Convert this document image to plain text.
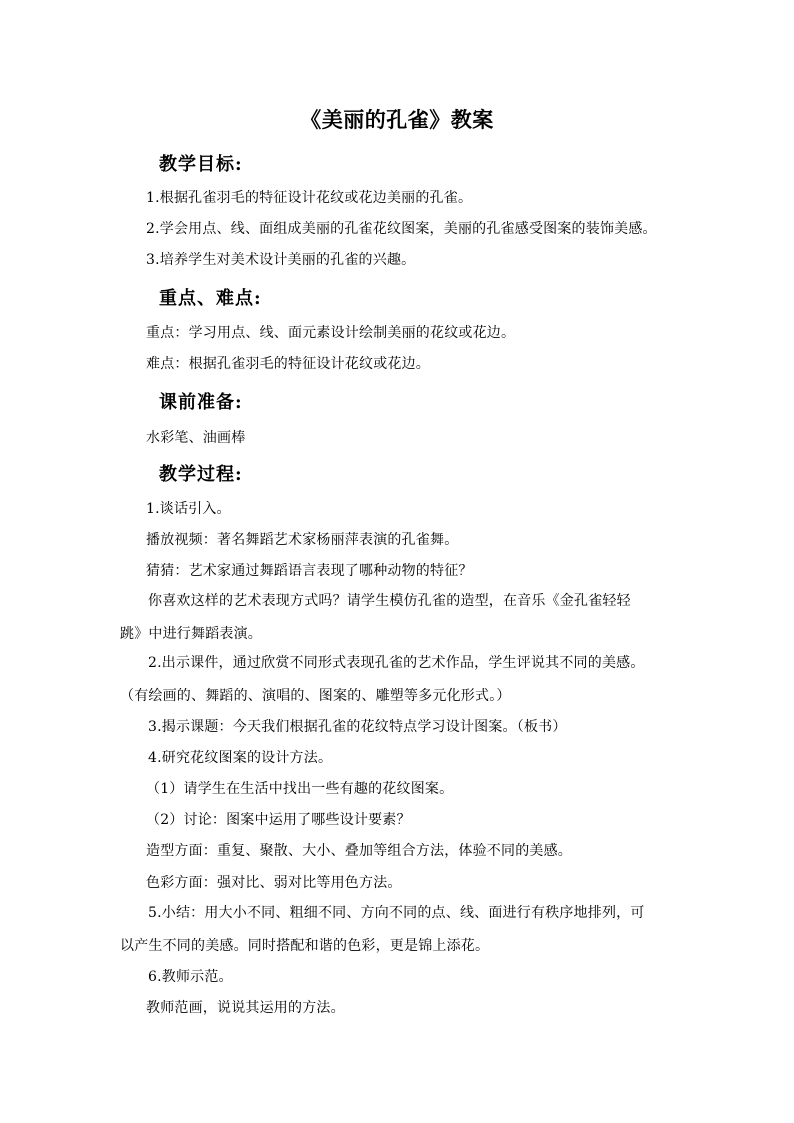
《美丽的孔雀》教案
教学目标:
1.根据孔雀羽毛的特征设计花纹或花边美丽的孔雀。
2.学会用点、线、面组成美丽的孔雀花纹图案，美丽的孔雀感受图案的装饰美感。
3.培养学生对美术设计美丽的孔雀的兴趣。
重点、难点:
重点：学习用点、线、面元素设计绘制美丽的花纹或花边。
难点：根据孔雀羽毛的特征设计花纹或花边。
课前准备:
水彩笔、油画棒
教学过程:
1.谈话引入。
播放视频：著名舞蹈艺术家杨丽萍表演的孔雀舞。
猜猜：艺术家通过舞蹈语言表现了哪种动物的特征？
你喜欢这样的艺术表现方式吗？请学生模仿孔雀的造型，在音乐《金孔雀轻轻跳》中进行舞蹈表演。
2.出示课件，通过欣赏不同形式表现孔雀的艺术作品，学生评说其不同的美感。（有绘画的、舞蹈的、演唱的、图案的、雕塑等多元化形式。）
3.揭示课题：今天我们根据孔雀的花纹特点学习设计图案。（板书）
4.研究花纹图案的设计方法。
（1）请学生在生活中找出一些有趣的花纹图案。
（2）讨论：图案中运用了哪些设计要素？
造型方面：重复、聚散、大小、叠加等组合方法，体验不同的美感。
色彩方面：强对比、弱对比等用色方法。
5.小结：用大小不同、粗细不同、方向不同的点、线、面进行有秩序地排列，可以产生不同的美感。同时搭配和谐的色彩，更是锦上添花。
6.教师示范。
教师范画，说说其运用的方法。
